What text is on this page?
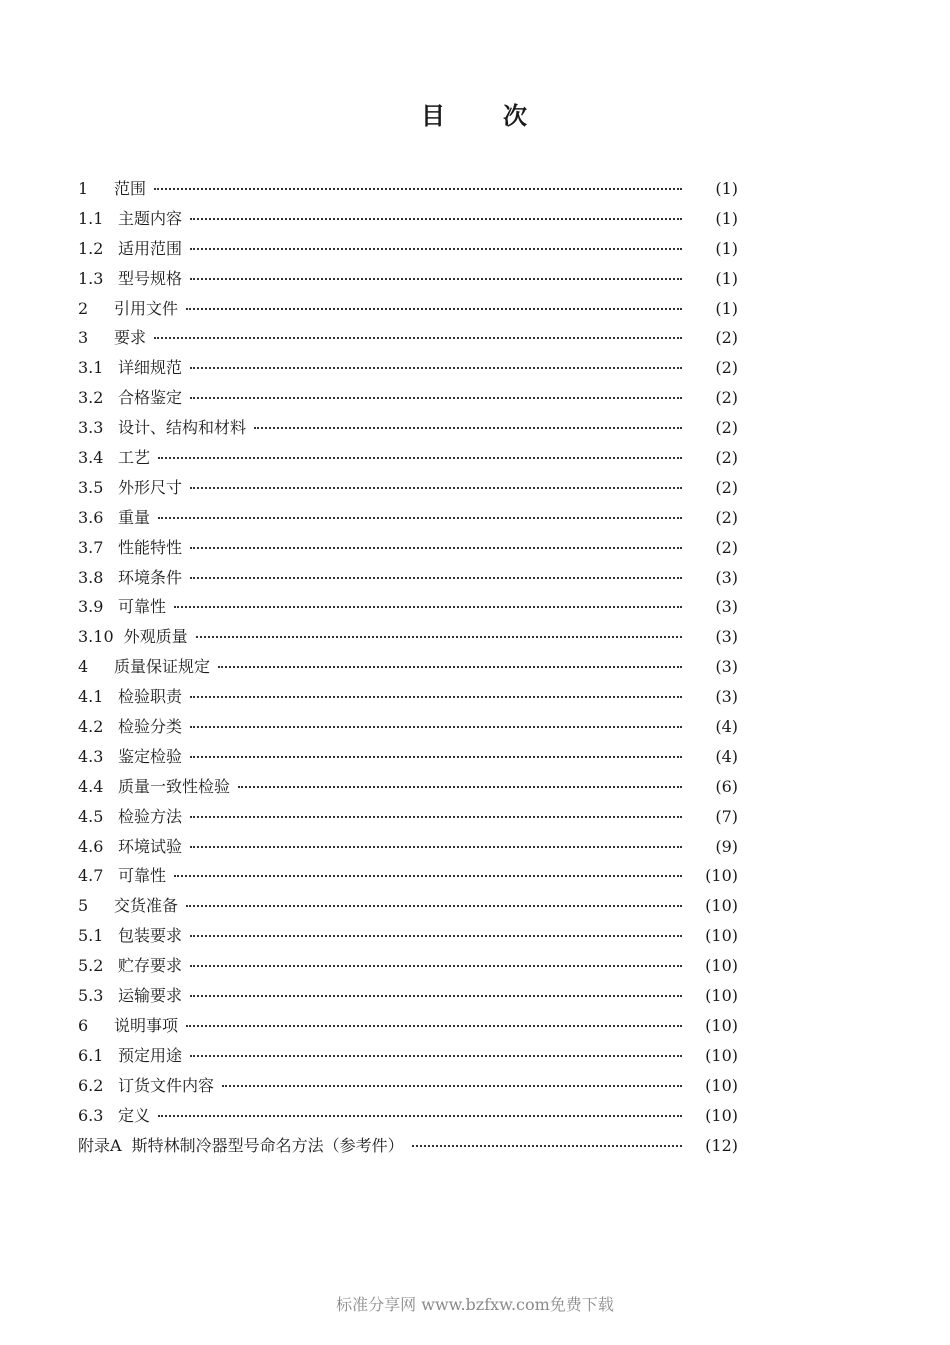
目 次
1	范围	(1)
1.1 主题内容	(1)
1.2 适用范围	(1)
1.3 型号规格	(1)
2	引用文件	(1)
3	要求	(2)
3.1 详细规范	(2)
3.2 合格鉴定	(2)
3.3 设计、结构和材料	(2)
3.4 工艺	(2)
3.5 外形尺寸	(2)
3.6 重量	(2)
3.7 性能特性	(2)
3.8 环境条件	(3)
3.9 可靠性	(3)
3.10 外观质量	(3)
4	质量保证规定	(3)
4.1 检验职责	(3)
4.2 检验分类	(4)
4.3 鉴定检验	(4)
4.4 质量一致性检验	(6)
4.5 检验方法	(7)
4.6 环境试验	(9)
4.7 可靠性	(10)
5	交货准备	(10)
5.1 包装要求	(10)
5.2 贮存要求	(10)
5.3 运输要求	(10)
6	说明事项	(10)
6.1 预定用途	(10)
6.2 订货文件内容	(10)
6.3 定义	(10)
附录A 斯特林制冷器型号命名方法（参考件）	(12)
标准分享网 www.bzfxw.com免费下载
